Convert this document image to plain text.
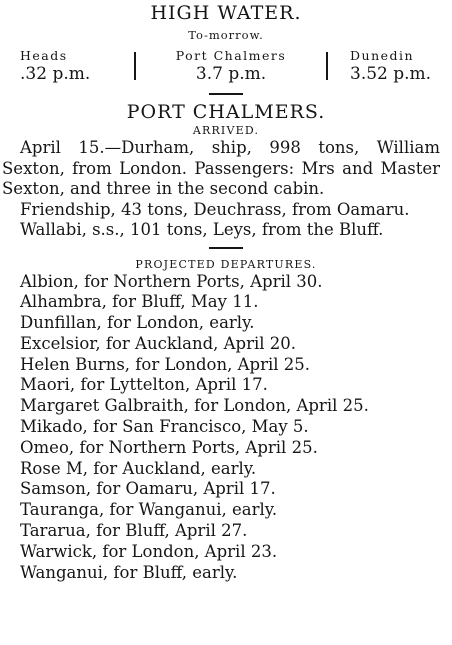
HIGH WATER.
To-morrow.
Heads
.32 p.m.
Port Chalmers
3.7 p.m.
Dunedin
3.52 p.m.
PORT CHALMERS.
ARRIVED.

April 15.—Durham, ship, 998 tons, William Sexton, from London. Passengers: Mrs and Master Sexton, and three in the second cabin.

Friendship, 43 tons, Deuchrass, from Oamaru.

Wallabi, s.s., 101 tons, Leys, from the Bluff.

PROJECTED DEPARTURES.
Albion, for Northern Ports, April 30.
Alhambra, for Bluff, May 11.
Dunfillan, for London, early.
Excelsior, for Auckland, April 20.
Helen Burns, for London, April 25.
Maori, for Lyttelton, April 17.
Margaret Galbraith, for London, April 25.
Mikado, for San Francisco, May 5.
Omeo, for Northern Ports, April 25.
Rose M, for Auckland, early.
Samson, for Oamaru, April 17.
Tauranga, for Wanganui, early.
Tararua, for Bluff, April 27.
Warwick, for London, April 23.
Wanganui, for Bluff, early.
